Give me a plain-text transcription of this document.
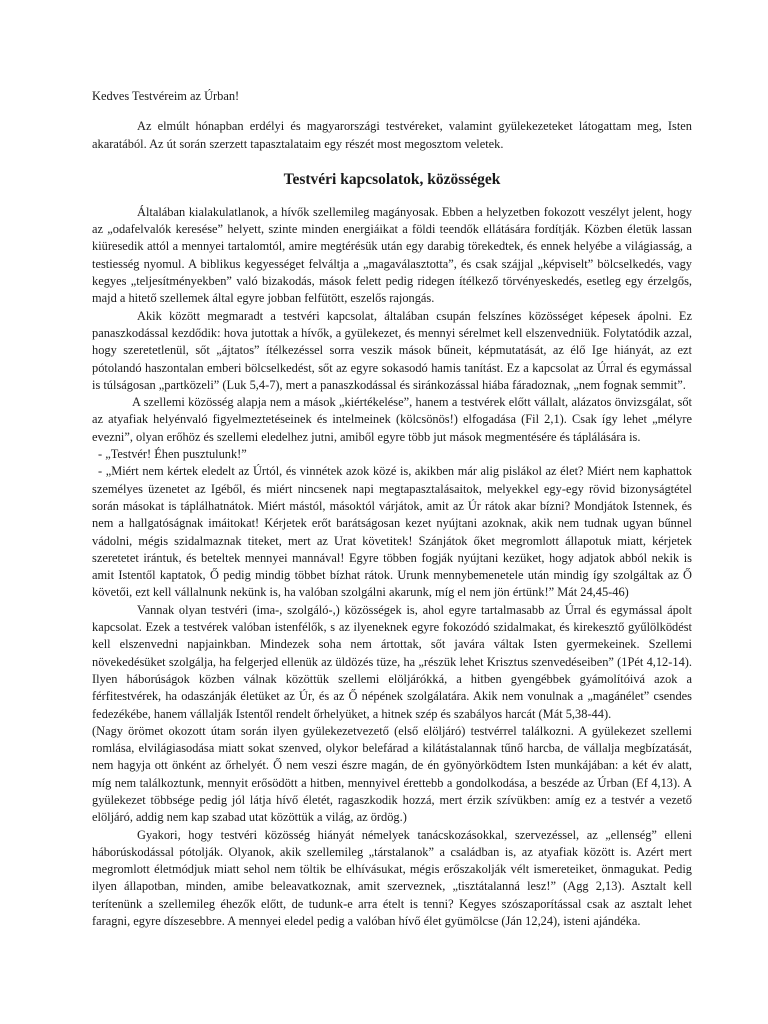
Kedves Testvéreim az Úrban!

Az elmúlt hónapban erdélyi és magyarországi testvéreket, valamint gyülekezeteket látogattam meg, Isten akaratából. Az út során szerzett tapasztalataim egy részét most megosztom veletek.

Testvéri kapcsolatok, közösségek

Általában kialakulatlanok, a hívők szellemileg magányosak. Ebben a helyzetben fokozott veszélyt jelent, hogy az „odafelvalók keresése” helyett, szinte minden energiáikat a földi teendők ellátására fordítják. Közben életük lassan kiüresedik attól a mennyei tartalomtól, amire megtérésük után egy darabig törekedtek, és ennek helyébe a világiasság, a testiesség nyomul. A biblikus kegyességet felváltja a „magaválasztotta”, és csak szájjal „képviselt” bölcselkedés, vagy kegyes „teljesítményekben” való bizakodás, mások felett pedig ridegen ítélkező törvényeskedés, esetleg egy érzelgős, majd a hitető szellemek által egyre jobban felfütött, eszelős rajongás.

Akik között megmaradt a testvéri kapcsolat, általában csupán felszínes közösséget képesek ápolni. Ez panaszkodással kezdődik: hova jutottak a hívők, a gyülekezet, és mennyi sérelmet kell elszenvedniük. Folytatódik azzal, hogy szeretetlenül, sőt „ájtatos” ítélkezéssel sorra veszik mások bűneit, képmutatását, az élő Ige hiányát, az ezt pótolandó haszontalan emberi bölcselkedést, sőt az egyre sokasodó hamis tanítást. Ez a kapcsolat az Úrral és egymással is túlságosan „partközeli” (Luk 5,4-7), mert a panaszkodással és siránkozással hiába fáradoznak, „nem fognak semmit”.

A szellemi közösség alapja nem a mások „kiértékelése”, hanem a testvérek előtt vállalt, alázatos önvizsgálat, sőt az atyafiak helyénvaló figyelmeztetéseinek és intelmeinek (kölcsönös!) elfogadása (Fil 2,1). Csak így lehet „mélyre evezni”, olyan erőhöz és szellemi eledelhez jutni, amiből egyre több jut mások megmentésére és táplálására is.

- „Testvér! Éhen pusztulunk!”

- „Miért nem kértek eledelt az Úrtól, és vinnétek azok közé is, akikben már alig pislákol az élet? Miért nem kaphattok személyes üzenetet az Igéből, és miért nincsenek napi megtapasztalásaitok, melyekkel egy-egy rövid bizonyságtétel során másokat is táplálhatnátok. Miért mástól, másoktól várjátok, amit az Úr rátok akar bízni? Mondjátok Istennek, és nem a hallgatóságnak imáitokat! Kérjetek erőt barátságosan kezet nyújtani azoknak, akik nem tudnak ugyan bűnnel vádolni, mégis szidalmaznak titeket, mert az Urat követitek! Szánjátok őket megromlott állapotuk miatt, kérjetek szeretetet irántuk, és beteltek mennyei mannával! Egyre többen fogják nyújtani kezüket, hogy adjatok abból nekik is amit Istentől kaptatok, Ő pedig mindig többet bízhat rátok. Urunk mennybemenetele után mindig így szolgáltak az Ő követői, ezt kell vállalnunk nekünk is, ha valóban szolgálni akarunk, míg el nem jön értünk!” Mát 24,45-46)

Vannak olyan testvéri (ima-, szolgáló-,) közösségek is, ahol egyre tartalmasabb az Úrral és egymással ápolt kapcsolat. Ezek a testvérek valóban istenfélők, s az ilyeneknek egyre fokozódó szidalmakat, és kirekesztő gyűlölködést kell elszenvedni napjainkban. Mindezek soha nem ártottak, sőt javára váltak Isten gyermekeinek. Szellemi növekedésüket szolgálja, ha felgerjed ellenük az üldözés tüze, ha „részük lehet Krisztus szenvedéseiben” (1Pét 4,12-14). Ilyen háborúságok közben válnak közöttük szellemi elöljárókká, a hitben gyengébbek gyámolítóivá azok a férfitestvérek, ha odaszánják életüket az Úr, és az Ő népének szolgálatára. Akik nem vonulnak a „magánélet” csendes fedezékébe, hanem vállalják Istentől rendelt őrhelyüket, a hitnek szép és szabályos harcát (Mát 5,38-44).

(Nagy örömet okozott útam során ilyen gyülekezetvezető (első elöljáró) testvérrel találkozni. A gyülekezet szellemi romlása, elvilágiasodása miatt sokat szenved, olykor belefárad a kilátástalannak tűnő harcba, de vállalja megbízatását, nem hagyja ott önként az őrhelyét. Ő nem veszi észre magán, de én gyönyörködtem Isten munkájában: a két év alatt, míg nem találkoztunk, mennyit erősödött a hitben, mennyivel érettebb a gondolkodása, a beszéde az Úrban (Ef 4,13). A gyülekezet többsége pedig jól látja hívő életét, ragaszkodik hozzá, mert érzik szívükben: amíg ez a testvér a vezető elöljáró, addig nem kap szabad utat közöttük a világ, az ördög.)

Gyakori, hogy testvéri közösség hiányát némelyek tanácskozásokkal, szervezéssel, az „ellenség” elleni háborúskodással pótolják. Olyanok, akik szellemileg „társtalanok” a családban is, az atyafiak között is. Azért mert megromlott életmódjuk miatt sehol nem töltik be elhívásukat, mégis erőszakolják vélt ismereteiket, önmagukat. Pedig ilyen állapotban, minden, amibe beleavatkoznak, amit szerveznek, „tisztátalanná lesz!” (Agg 2,13). Asztalt kell terítenünk a szellemileg éhezők előtt, de tudunk-e arra ételt is tenni? Kegyes szószaporítással csak az asztalt lehet faragni, egyre díszesebbre. A mennyei eledel pedig a valóban hívő élet gyümölcse (Ján 12,24), isteni ajándéka.
